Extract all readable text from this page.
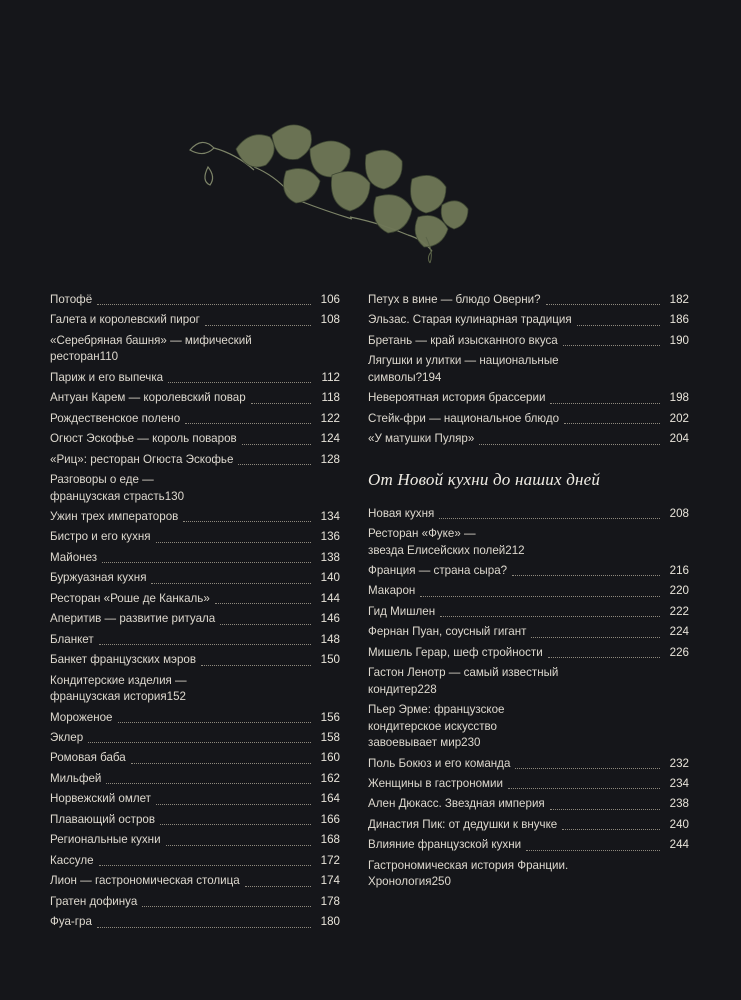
Потофё	106
Галета и королевский пирог	108
«Серебряная башня» — мифический
ресторан 110
Париж и его выпечка	112
Антуан Карем — королевский повар	118
Рождественское полено	122
Огюст Эскофье — король поваров	124
«Риц»: ресторан Огюста Эскофье	128
Разговоры о еде —
французская страсть 130
Ужин трех императоров	134
Бистро и его кухня	136
Майонез	138
Буржуазная кухня	140
Ресторан «Роше де Канкаль»	144
Аперитив — развитие ритуала	146
Бланкет	148
Банкет французских мэров	150
Кондитерские изделия —
французская история 152
Мороженое	156
Эклер	158
Ромовая баба	160
Мильфей	162
Норвежский омлет	164
Плавающий остров	166
Региональные кухни	168
Кассуле	172
Лион — гастрономическая столица	174
Гратен дофинуа	178
Фуа-гра	180
Петух в вине — блюдо Оверни?	182
Эльзас. Старая кулинарная традиция	186
Бретань — край изысканного вкуса	190
Лягушки и улитки — национальные
символы? 194
Невероятная история брассерии	198
Стейк-фри — национальное блюдо	202
«У матушки Пуляр»	204
От Новой кухни до наших дней
Новая кухня	208
Ресторан «Фуке» —
звезда Елисейских полей 212
Франция — страна сыра?	216
Макарон	220
Гид Мишлен	222
Фернан Пуан, соусный гигант	224
Мишель Герар, шеф стройности	226
Гастон Ленотр — самый известный
кондитер 228
Пьер Эрме: французское
кондитерское искусство
завоевывает мир 230
Поль Бокюз и его команда	232
Женщины в гастрономии	234
Ален Дюкасс. Звездная империя	238
Династия Пик: от дедушки к внучке	240
Влияние французской кухни	244
Гастрономическая история Франции.
Хронология 250
